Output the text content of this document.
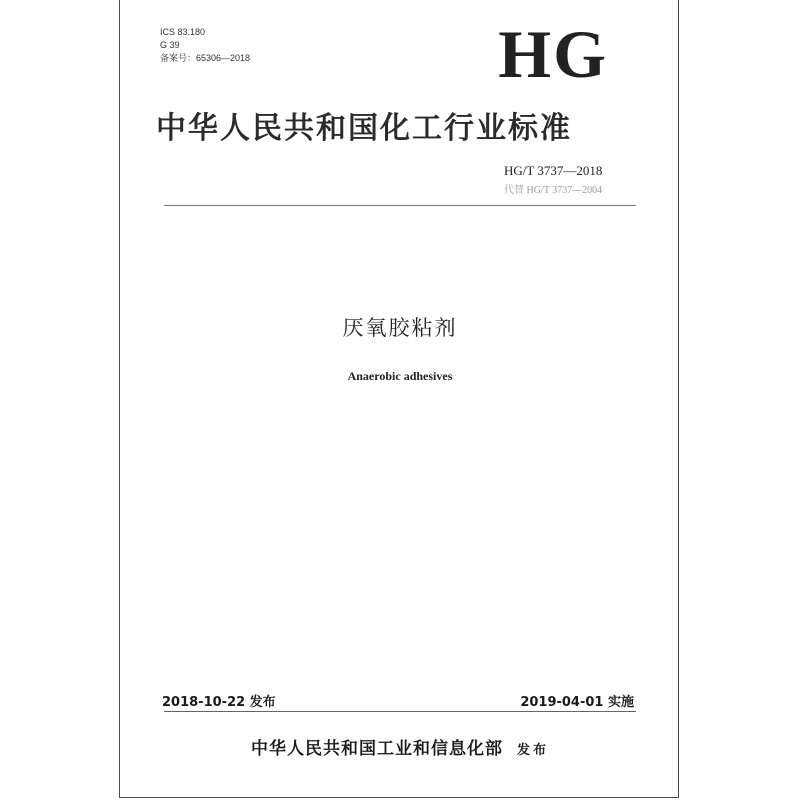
ICS 83.180
G 39
备案号：65306—2018	HG
中华人民共和国化工行业标准
HG/T 3737—2018
代替 HG/T 3737—2004
厌氧胶粘剂
Anaerobic adhesives
2018-10-22 发布	2019-04-01 实施
中华人民共和国工业和信息化部 发布
